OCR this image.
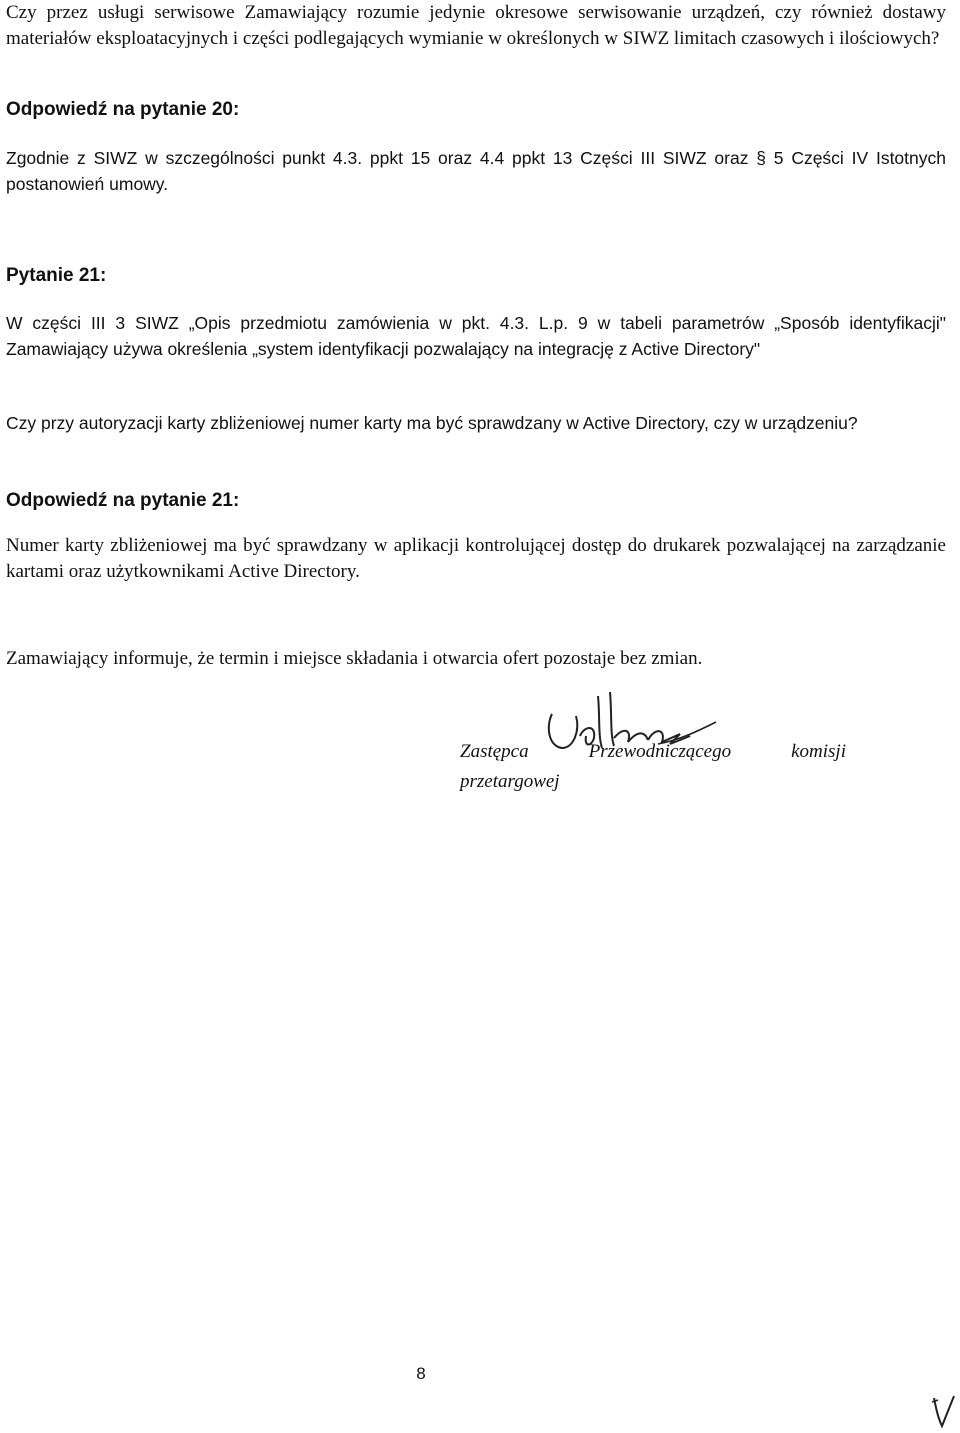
Czy przez usługi serwisowe Zamawiający rozumie jedynie okresowe serwisowanie urządzeń, czy również dostawy materiałów eksploatacyjnych i części podlegających wymianie w określonych w SIWZ limitach czasowych i ilościowych?

Odpowiedź na pytanie 20:

Zgodnie z SIWZ w szczególności punkt 4.3. ppkt 15 oraz 4.4 ppkt 13 Części III SIWZ oraz § 5 Części IV Istotnych postanowień umowy.

Pytanie 21:

W części III 3 SIWZ „Opis przedmiotu zamówienia w pkt. 4.3. L.p. 9 w tabeli parametrów „Sposób identyfikacji" Zamawiający używa określenia „system identyfikacji pozwalający na integrację z Active Directory"

Czy przy autoryzacji karty zbliżeniowej numer karty ma być sprawdzany w Active Directory, czy w urządzeniu?

Odpowiedź na pytanie 21:

Numer karty zbliżeniowej ma być sprawdzany w aplikacji kontrolującej dostęp do drukarek pozwalającej na zarządzanie kartami oraz użytkownikami Active Directory.

Zamawiający informuje, że termin i miejsce składania i otwarcia ofert pozostaje bez zmian.

Zastępca Przewodniczącego komisji

przetargowej

8
